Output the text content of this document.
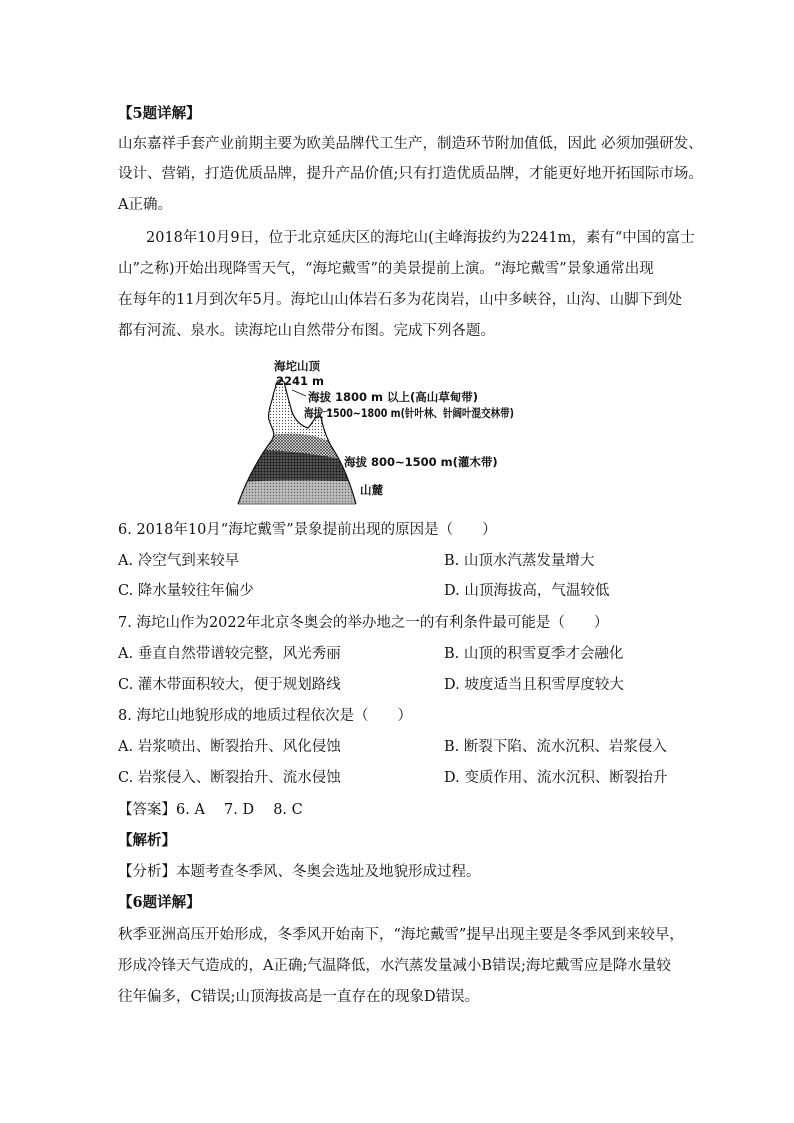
【5题详解】
山东嘉祥手套产业前期主要为欧美品牌代工生产，制造环节附加值低，因此 必须加强研发、
设计、营销，打造优质品牌，提升产品价值;只有打造优质品牌，才能更好地开拓国际市场。
A正确。
2018年10月9日，位于北京延庆区的海坨山(主峰海拔约为2241m，素有“中国的富士
山”之称)开始出现降雪天气，“海坨戴雪”的美景提前上演。“海坨戴雪”景象通常出现
在每年的11月到次年5月。海坨山山体岩石多为花岗岩，山中多峡谷，山沟、山脚下到处
都有河流、泉水。读海坨山自然带分布图。完成下列各题。
海坨山顶
2241 m
海拔 1800 m 以上(高山草甸带)
海拔 1500~1800 m(针叶林、针阔叶混交林带)
海拔 800~1500 m(灌木带)
山麓
6. 2018年10月“海坨戴雪”景象提前出现的原因是（　　）
A. 冷空气到来较早	B. 山顶水汽蒸发量增大
C. 降水量较往年偏少	D. 山顶海拔高，气温较低
7. 海坨山作为2022年北京冬奥会的举办地之一的有利条件最可能是（　　）
A. 垂直自然带谱较完整，风光秀丽	B. 山顶的积雪夏季才会融化
C. 灌木带面积较大，便于规划路线	D. 坡度适当且积雪厚度较大
8. 海坨山地貌形成的地质过程依次是（　　）
A. 岩浆喷出、断裂抬升、风化侵蚀	B. 断裂下陷、流水沉积、岩浆侵入
C. 岩浆侵入、断裂抬升、流水侵蚀	D. 变质作用、流水沉积、断裂抬升
【答案】6. A　 7. D　 8. C
【解析】
【分析】本题考查冬季风、冬奥会选址及地貌形成过程。
【6题详解】
秋季亚洲高压开始形成，冬季风开始南下，“海坨戴雪”提早出现主要是冬季风到来较早，
形成冷锋天气造成的，A正确;气温降低，水汽蒸发量减小B错误;海坨戴雪应是降水量较
往年偏多，C错误;山顶海拔高是一直存在的现象D错误。
